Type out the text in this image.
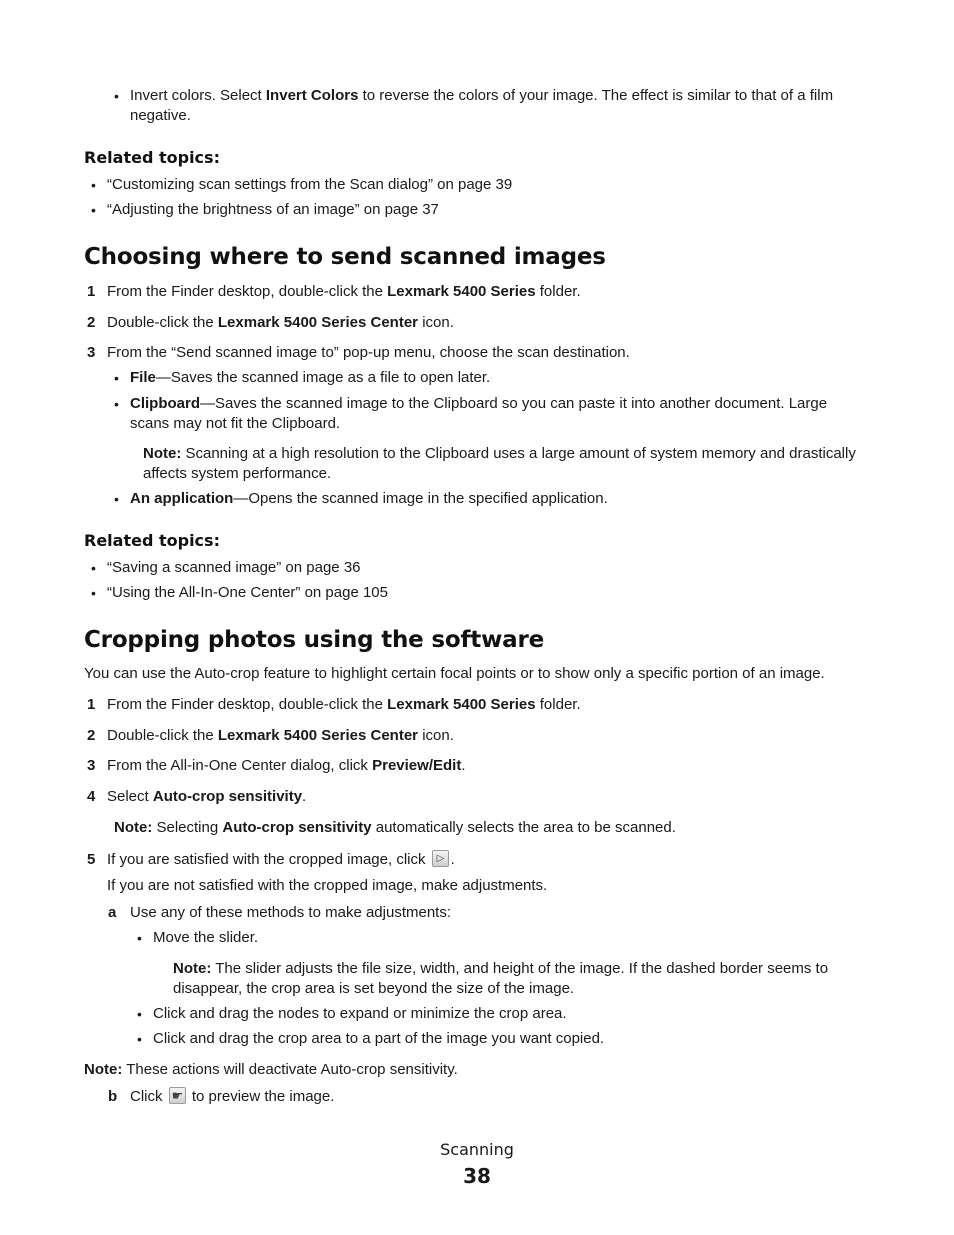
• Invert colors. Select Invert Colors to reverse the colors of your image. The effect is similar to that of a film negative.
Related topics:
• “Customizing scan settings from the Scan dialog” on page 39
• “Adjusting the brightness of an image” on page 37
Choosing where to send scanned images
1 From the Finder desktop, double-click the Lexmark 5400 Series folder.
2 Double-click the Lexmark 5400 Series Center icon.
3 From the “Send scanned image to” pop-up menu, choose the scan destination.
• File—Saves the scanned image as a file to open later.
• Clipboard—Saves the scanned image to the Clipboard so you can paste it into another document. Large scans may not fit the Clipboard.
Note: Scanning at a high resolution to the Clipboard uses a large amount of system memory and drastically affects system performance.
• An application—Opens the scanned image in the specified application.
Related topics:
• “Saving a scanned image” on page 36
• “Using the All-In-One Center” on page 105
Cropping photos using the software
You can use the Auto-crop feature to highlight certain focal points or to show only a specific portion of an image.
1 From the Finder desktop, double-click the Lexmark 5400 Series folder.
2 Double-click the Lexmark 5400 Series Center icon.
3 From the All-in-One Center dialog, click Preview/Edit.
4 Select Auto-crop sensitivity.
Note: Selecting Auto-crop sensitivity automatically selects the area to be scanned.
5 If you are satisfied with the cropped image, click ▷ .
If you are not satisfied with the cropped image, make adjustments.
a Use any of these methods to make adjustments:
• Move the slider.
Note: The slider adjusts the file size, width, and height of the image. If the dashed border seems to disappear, the crop area is set beyond the size of the image.
• Click and drag the nodes to expand or minimize the crop area.
• Click and drag the crop area to a part of the image you want copied.
Note: These actions will deactivate Auto-crop sensitivity.
b Click ☛ to preview the image.
Scanning
38
